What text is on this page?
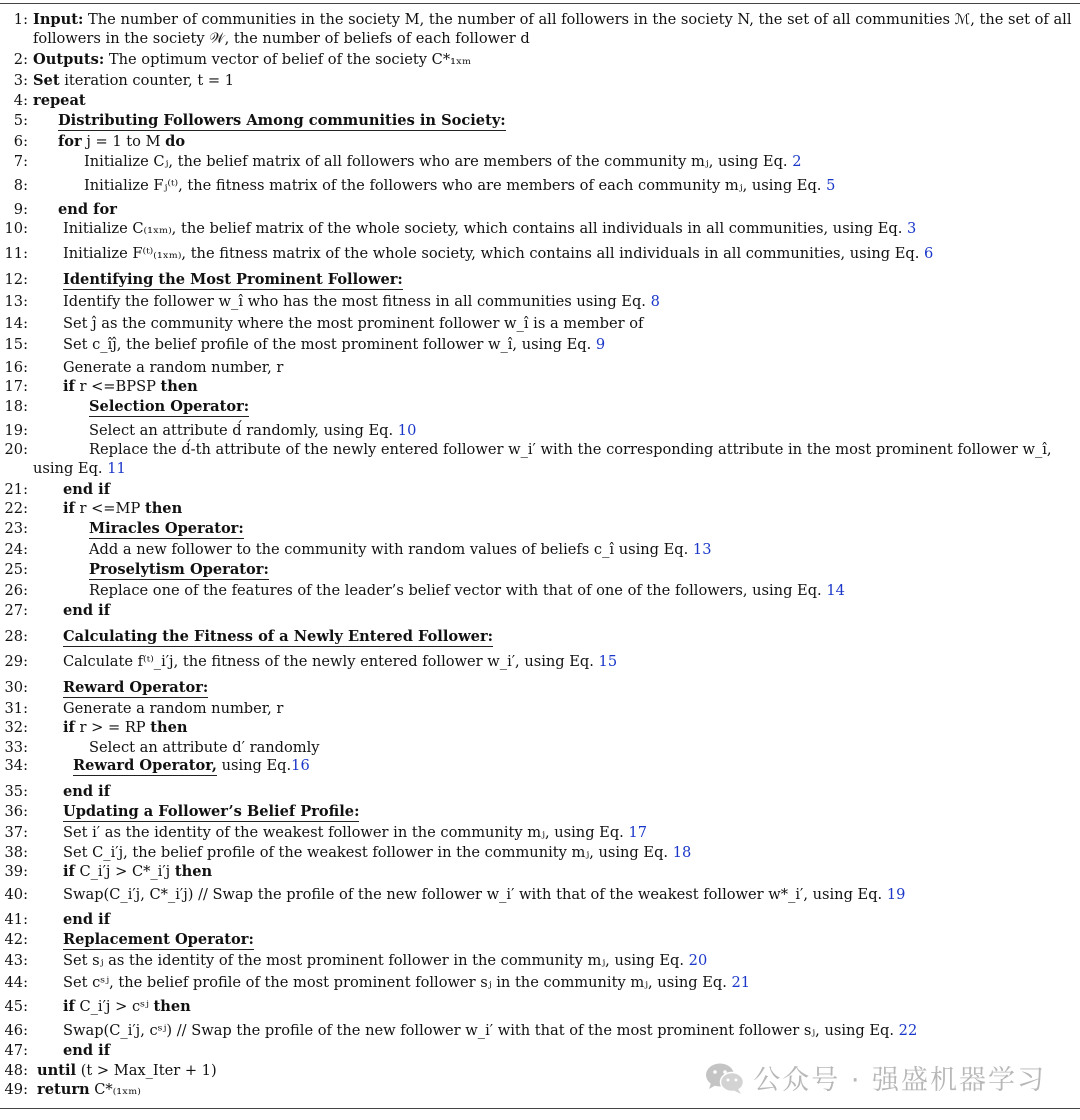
1: Input: The number of communities in the society M, the number of all followers in the society N, the set of all communities ℳ, the set of all followers in the society 𝒲, the number of beliefs of each follower d
2: Outputs: The optimum vector of belief of the society C*₁ₓₘ
3: Set iteration counter, t = 1
4: repeat
5: Distributing Followers Among communities in Society:
6: for j = 1 to M do
7:	Initialize Cⱼ, the belief matrix of all followers who are members of the community mⱼ, using Eq. 2
8:	Initialize Fⱼ⁽ᵗ⁾, the fitness matrix of the followers who are members of each community mⱼ, using Eq. 5
9: end for
10: Initialize C₍₁ₓₘ₎, the belief matrix of the whole society, which contains all individuals in all communities, using Eq. 3
11: Initialize F⁽ᵗ⁾₍₁ₓₘ₎, the fitness matrix of the whole society, which contains all individuals in all communities, using Eq. 6
12: Identifying the Most Prominent Follower:
13: Identify the follower w_î who has the most fitness in all communities using Eq. 8
14: Set ĵ as the community where the most prominent follower w_î is a member of
15: Set c_îĵ, the belief profile of the most prominent follower w_î, using Eq. 9
16: Generate a random number, r
17: if r <=BPSP then
18:	Selection Operator:
19:	Select an attribute d́ randomly, using Eq. 10
20:	Replace the d́-th attribute of the newly entered follower w_i′ with the corresponding attribute in the most prominent follower w_î,
using Eq. 11
21: end if
22: if r <=MP then
23:	Miracles Operator:
24:	Add a new follower to the community with random values of beliefs c_î using Eq. 13
25:	Proselytism Operator:
26:	Replace one of the features of the leader’s belief vector with that of one of the followers, using Eq. 14
27: end if
28: Calculating the Fitness of a Newly Entered Follower:
29: Calculate f⁽ᵗ⁾_i′j, the fitness of the newly entered follower w_i′, using Eq. 15
30: Reward Operator:
31: Generate a random number, r
32: if r > = RP then
33:	Select an attribute d′ randomly
34:	Reward Operator, using Eq.16
35: end if
36: Updating a Follower’s Belief Profile:
37: Set i′ as the identity of the weakest follower in the community mⱼ, using Eq. 17
38: Set C_i′j, the belief profile of the weakest follower in the community mⱼ, using Eq. 18
39: if C_i′j > C*_i′j then
40: Swap(C_i′j, C*_i′j) // Swap the profile of the new follower w_i′ with that of the weakest follower w*_i′, using Eq. 19
41: end if
42: Replacement Operator:
43: Set sⱼ as the identity of the most prominent follower in the community mⱼ, using Eq. 20
44: Set cˢʲ, the belief profile of the most prominent follower sⱼ in the community mⱼ, using Eq. 21
45: if C_i′j > cˢʲ then
46: Swap(C_i′j, cˢʲ) // Swap the profile of the new follower w_i′ with that of the most prominent follower sⱼ, using Eq. 22
47: end if
48: until (t > Max_Iter + 1)
49: return C*₍₁ₓₘ₎	公众号 · 强盛机器学习
